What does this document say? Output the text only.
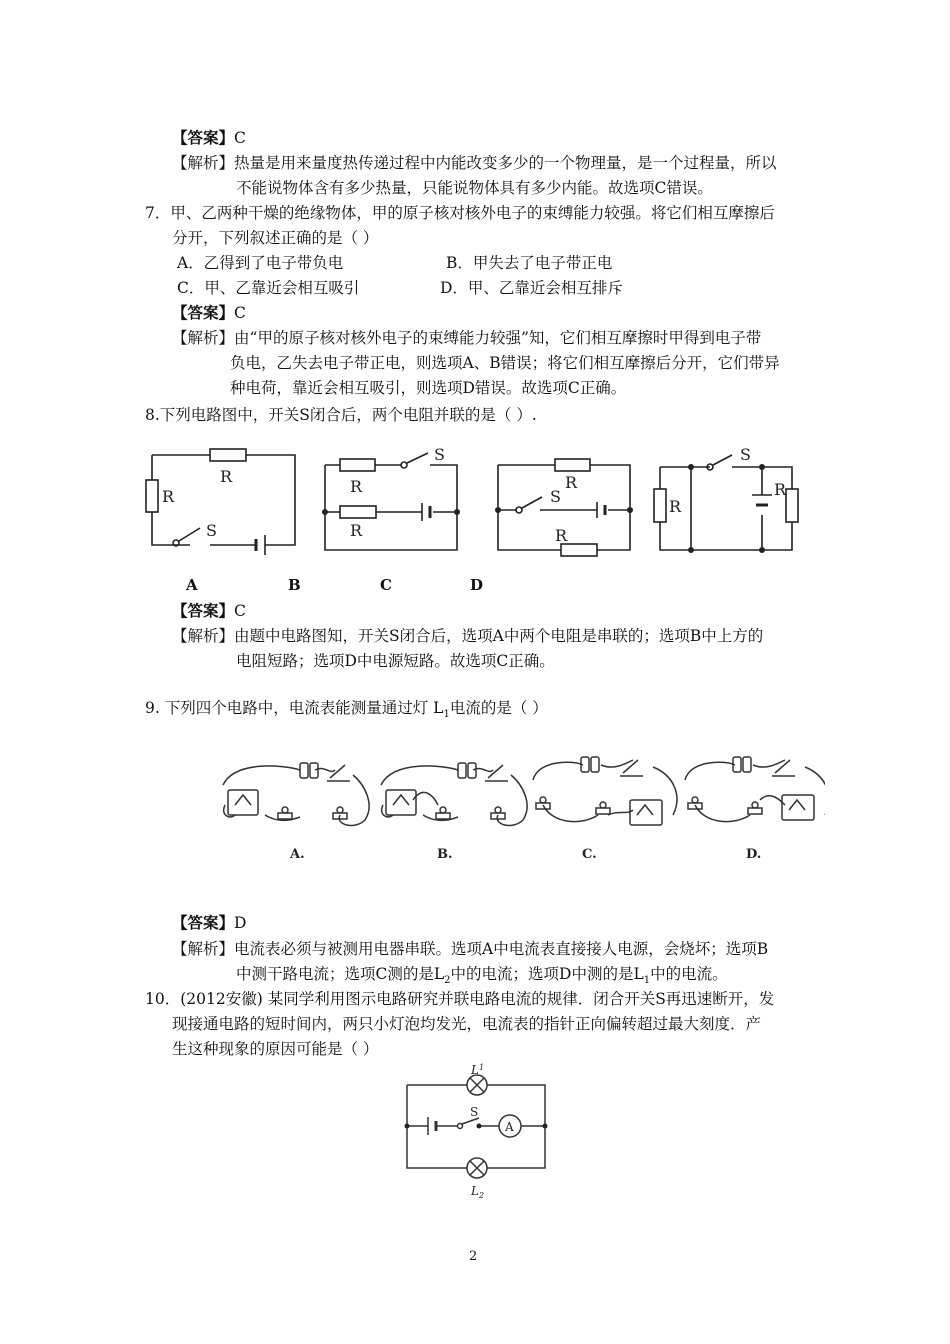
【答案】C
【解析】热量是用来量度热传递过程中内能改变多少的一个物理量，是一个过程量，所以
不能说物体含有多少热量，只能说物体具有多少内能。故选项C错误。
7．甲、乙两种干燥的绝缘物体，甲的原子核对核外电子的束缚能力较强。将它们相互摩擦后
分开，下列叙述正确的是（ ）
A．乙得到了电子带负电	B．甲失去了电子带正电
C．甲、乙靠近会相互吸引	D．甲、乙靠近会相互排斥
【答案】C
【解析】由“甲的原子核对核外电子的束缚能力较强”知，它们相互摩擦时甲得到电子带
负电，乙失去电子带正电，则选项A、B错误；将它们相互摩擦后分开，它们带异
种电荷，靠近会相互吸引，则选项D错误。故选项C正确。
8.下列电路图中，开关S闭合后，两个电阻并联的是（ ）.
R
R
S
R
R
S
R
S
R
R
R
S
A	B	C	D
【答案】C
【解析】由题中电路图知，开关S闭合后，选项A中两个电阻是串联的；选项B中上方的
电阻短路；选项D中电源短路。故选项C正确。
9. 下列四个电路中，电流表能测量通过灯 $L_1$电流的是（ ）
A.	B.	C.	D.
【答案】D
【解析】电流表必须与被测用电器串联。选项A中电流表直接接人电源，会烧坏；选项B
中测干路电流；选项C测的是$L_2$中的电流；选项D中测的是$L_1$中的电流。
10．(2012安徽) 某同学利用图示电路研究并联电路电流的规律．闭合开关S再迅速断开，发
现接通电路的短时间内，两只小灯泡均发光，电流表的指针正向偏转超过最大刻度．产
生这种现象的原因可能是（ ）
$L^1$
$L_2$
S
A
2
